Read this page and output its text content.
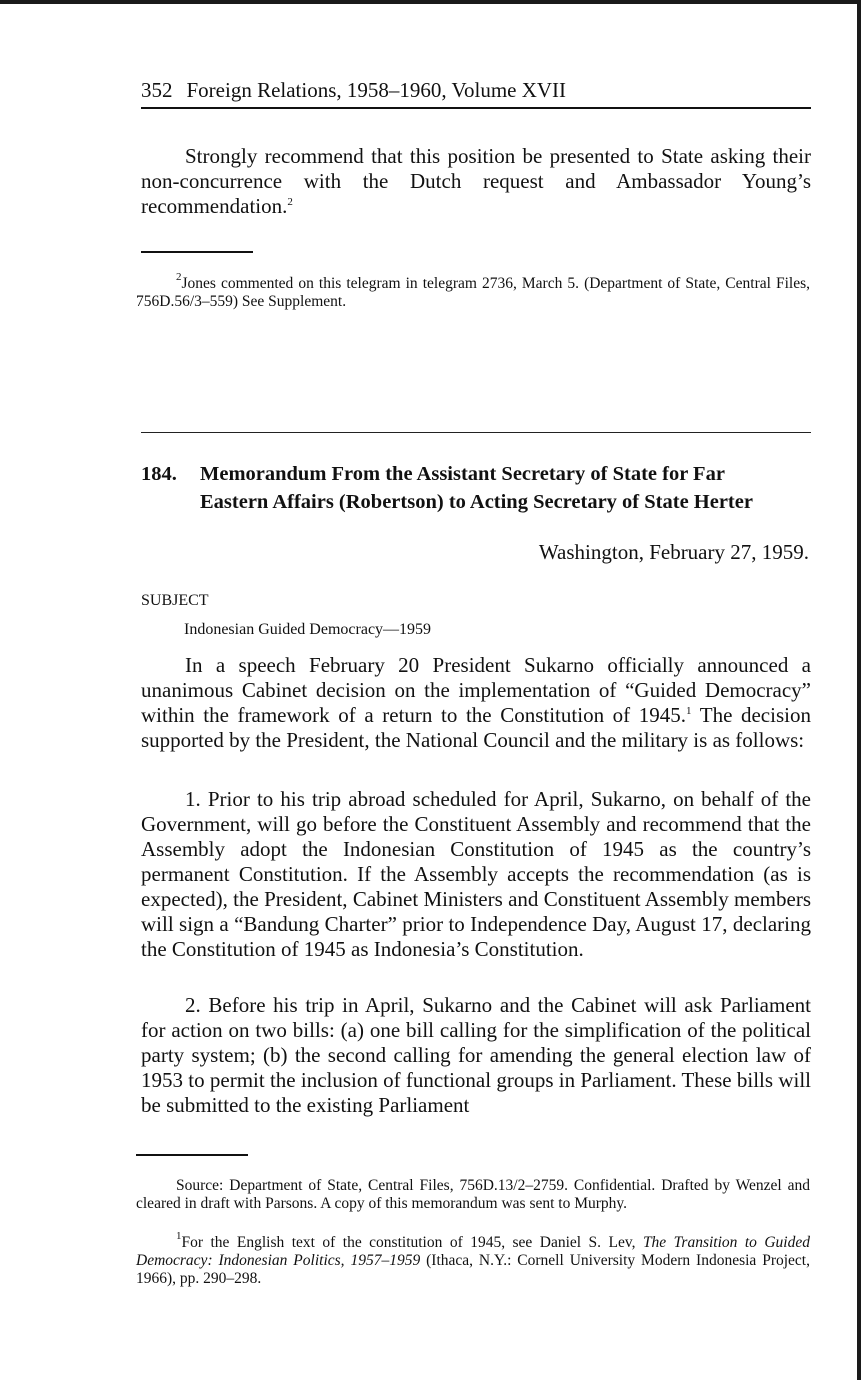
352 Foreign Relations, 1958–1960, Volume XVII
Strongly recommend that this position be presented to State asking their non-concurrence with the Dutch request and Ambassador Young’s recommendation.$^2$
$^2$Jones commented on this telegram in telegram 2736, March 5. (Department of State, Central Files, 756D.56/3–559) See Supplement.
184. Memorandum From the Assistant Secretary of State for Far
Eastern Affairs (Robertson) to Acting Secretary of State Herter
Washington, February 27, 1959.
SUBJECT
Indonesian Guided Democracy—1959
In a speech February 20 President Sukarno officially announced a unanimous Cabinet decision on the implementation of “Guided Democracy” within the framework of a return to the Constitution of 1945.$^1$ The decision supported by the President, the National Council and the military is as follows:
1. Prior to his trip abroad scheduled for April, Sukarno, on behalf of the Government, will go before the Constituent Assembly and recommend that the Assembly adopt the Indonesian Constitution of 1945 as the country’s permanent Constitution. If the Assembly accepts the recommendation (as is expected), the President, Cabinet Ministers and Constituent Assembly members will sign a “Bandung Charter” prior to Independence Day, August 17, declaring the Constitution of 1945 as Indonesia’s Constitution.
2. Before his trip in April, Sukarno and the Cabinet will ask Parliament for action on two bills: (a) one bill calling for the simplification of the political party system; (b) the second calling for amending the general election law of 1953 to permit the inclusion of functional groups in Parliament. These bills will be submitted to the existing Parliament
Source: Department of State, Central Files, 756D.13/2–2759. Confidential. Drafted by Wenzel and cleared in draft with Parsons. A copy of this memorandum was sent to Murphy.
$^1$For the English text of the constitution of 1945, see Daniel S. Lev, The Transition to Guided Democracy: Indonesian Politics, 1957–1959 (Ithaca, N.Y.: Cornell University Modern Indonesia Project, 1966), pp. 290–298.
